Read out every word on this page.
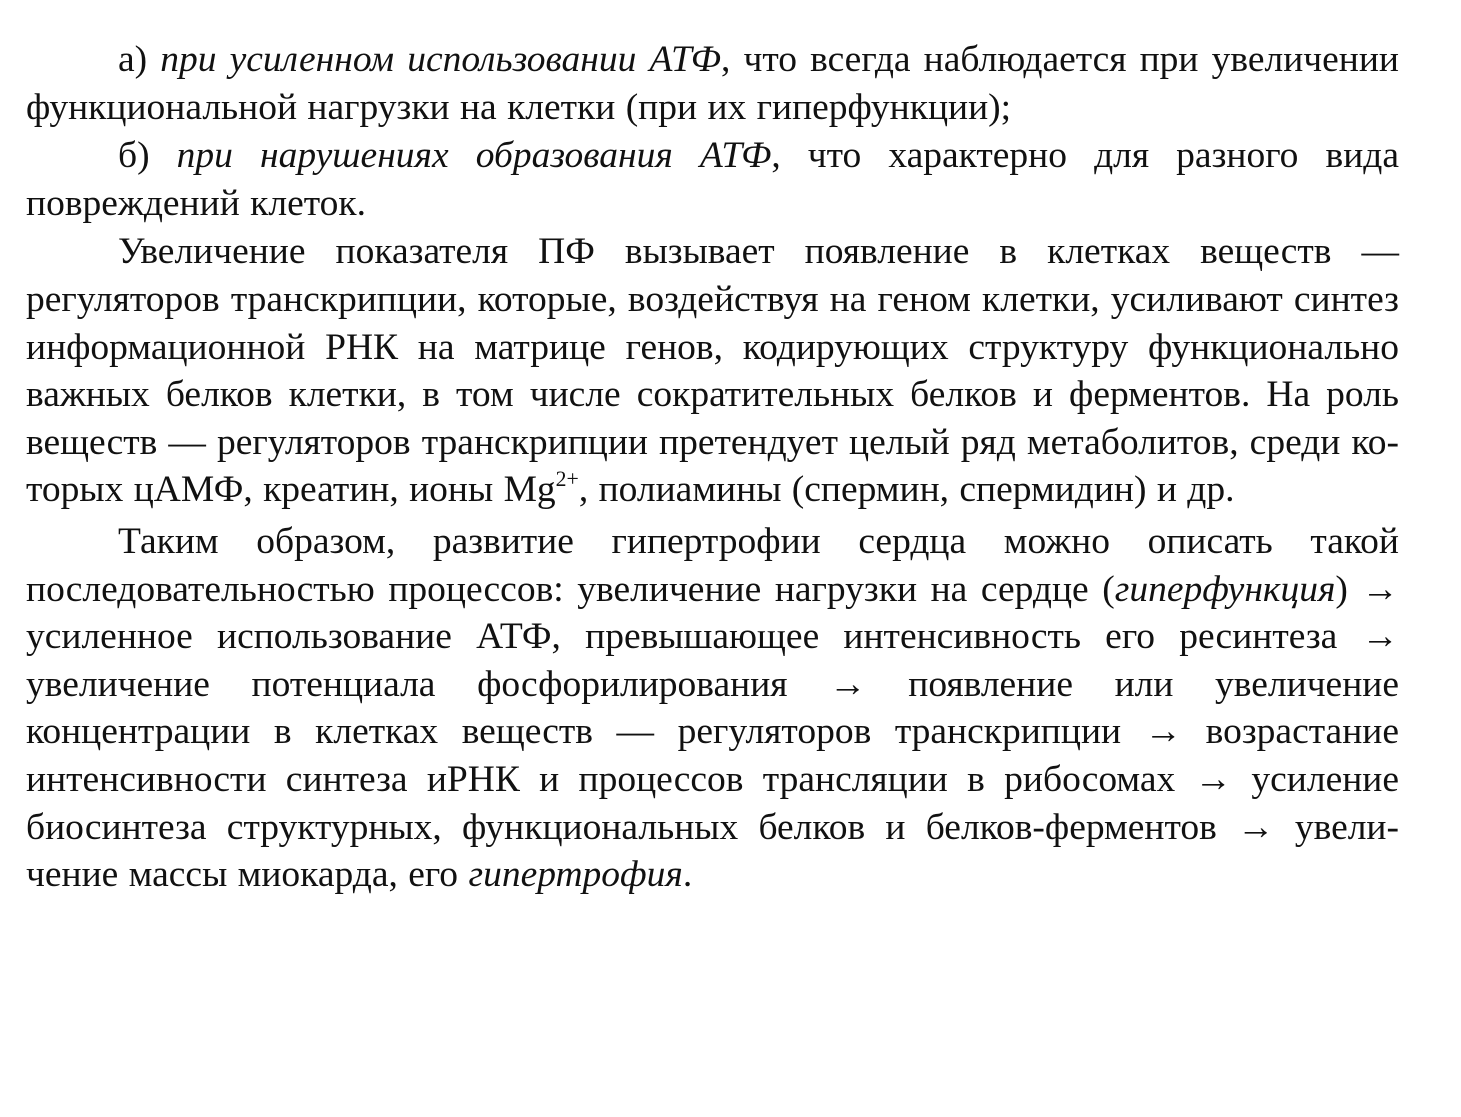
а) при усиленном использовании АТФ, что всегда наблюдается при увеличении функциональной нагрузки на клетки (при их гиперфункции);

б) при нарушениях образования АТФ, что характерно для разного вида повреждений клеток.

Увеличение показателя ПФ вызывает появление в клетках веществ — регуляторов транскрипции, которые, воздействуя на геном клетки, усиливают синтез информационной РНК на матрице генов, кодирующих структуру функционально важных белков клетки, в том числе сократительных белков и ферментов. На роль веществ — регуляторов транскрипции претендует целый ряд метаболитов, среди которых цАМФ, креатин, ионы $Mg^{2+}$, полиамины (спермин, спермидин) и др.

Таким образом, развитие гипертрофии сердца можно описать такой последовательностью процессов: увеличение нагрузки на сердце (гиперфункция) → усиленное использование АТФ, превышающее интенсивность его ресинтеза → увеличение потенциала фосфорилирования → появление или увеличение концентрации в клетках веществ — регуляторов транскрипции → возрастание интенсивности синтеза иРНК и процессов трансляции в рибосомах → усиление биосинтеза структурных, функциональных белков и белков-ферментов → увеличение массы миокарда, его гипертрофия.
